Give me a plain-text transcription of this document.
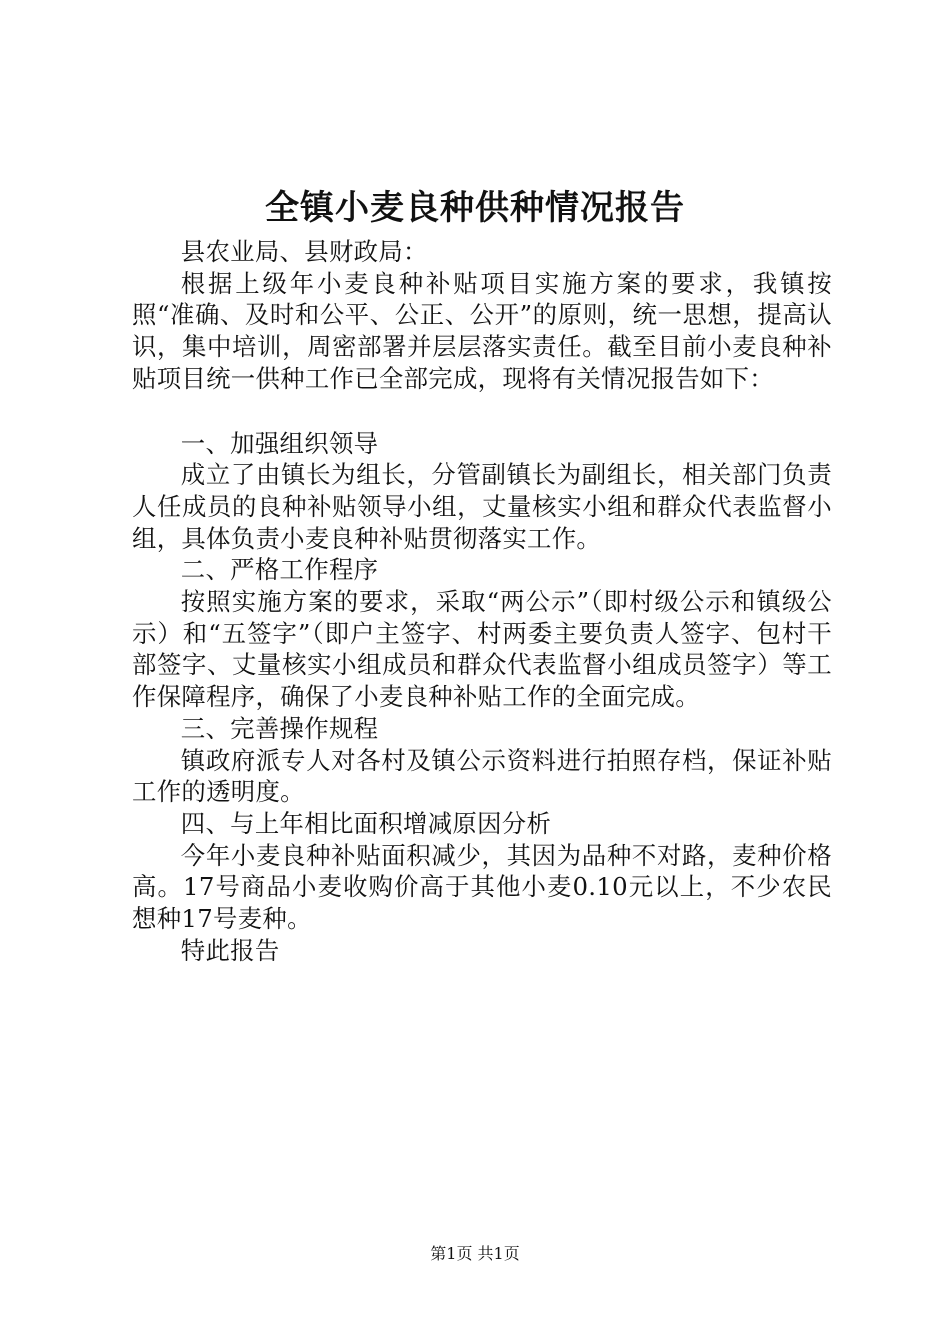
全镇小麦良种供种情况报告

县农业局、县财政局：

根据上级年小麦良种补贴项目实施方案的要求，我镇按照“准确、及时和公平、公正、公开”的原则，统一思想，提高认识，集中培训，周密部署并层层落实责任。截至目前小麦良种补贴项目统一供种工作已全部完成，现将有关情况报告如下：

一、加强组织领导

成立了由镇长为组长，分管副镇长为副组长，相关部门负责人任成员的良种补贴领导小组，丈量核实小组和群众代表监督小组，具体负责小麦良种补贴贯彻落实工作。

二、严格工作程序

按照实施方案的要求，采取“两公示”（即村级公示和镇级公示）和“五签字”（即户主签字、村两委主要负责人签字、包村干部签字、丈量核实小组成员和群众代表监督小组成员签字）等工作保障程序，确保了小麦良种补贴工作的全面完成。

三、完善操作规程

镇政府派专人对各村及镇公示资料进行拍照存档，保证补贴工作的透明度。

四、与上年相比面积增减原因分析

今年小麦良种补贴面积减少，其因为品种不对路，麦种价格高。17号商品小麦收购价高于其他小麦0.10元以上，不少农民想种17号麦种。

特此报告

第1页 共1页
